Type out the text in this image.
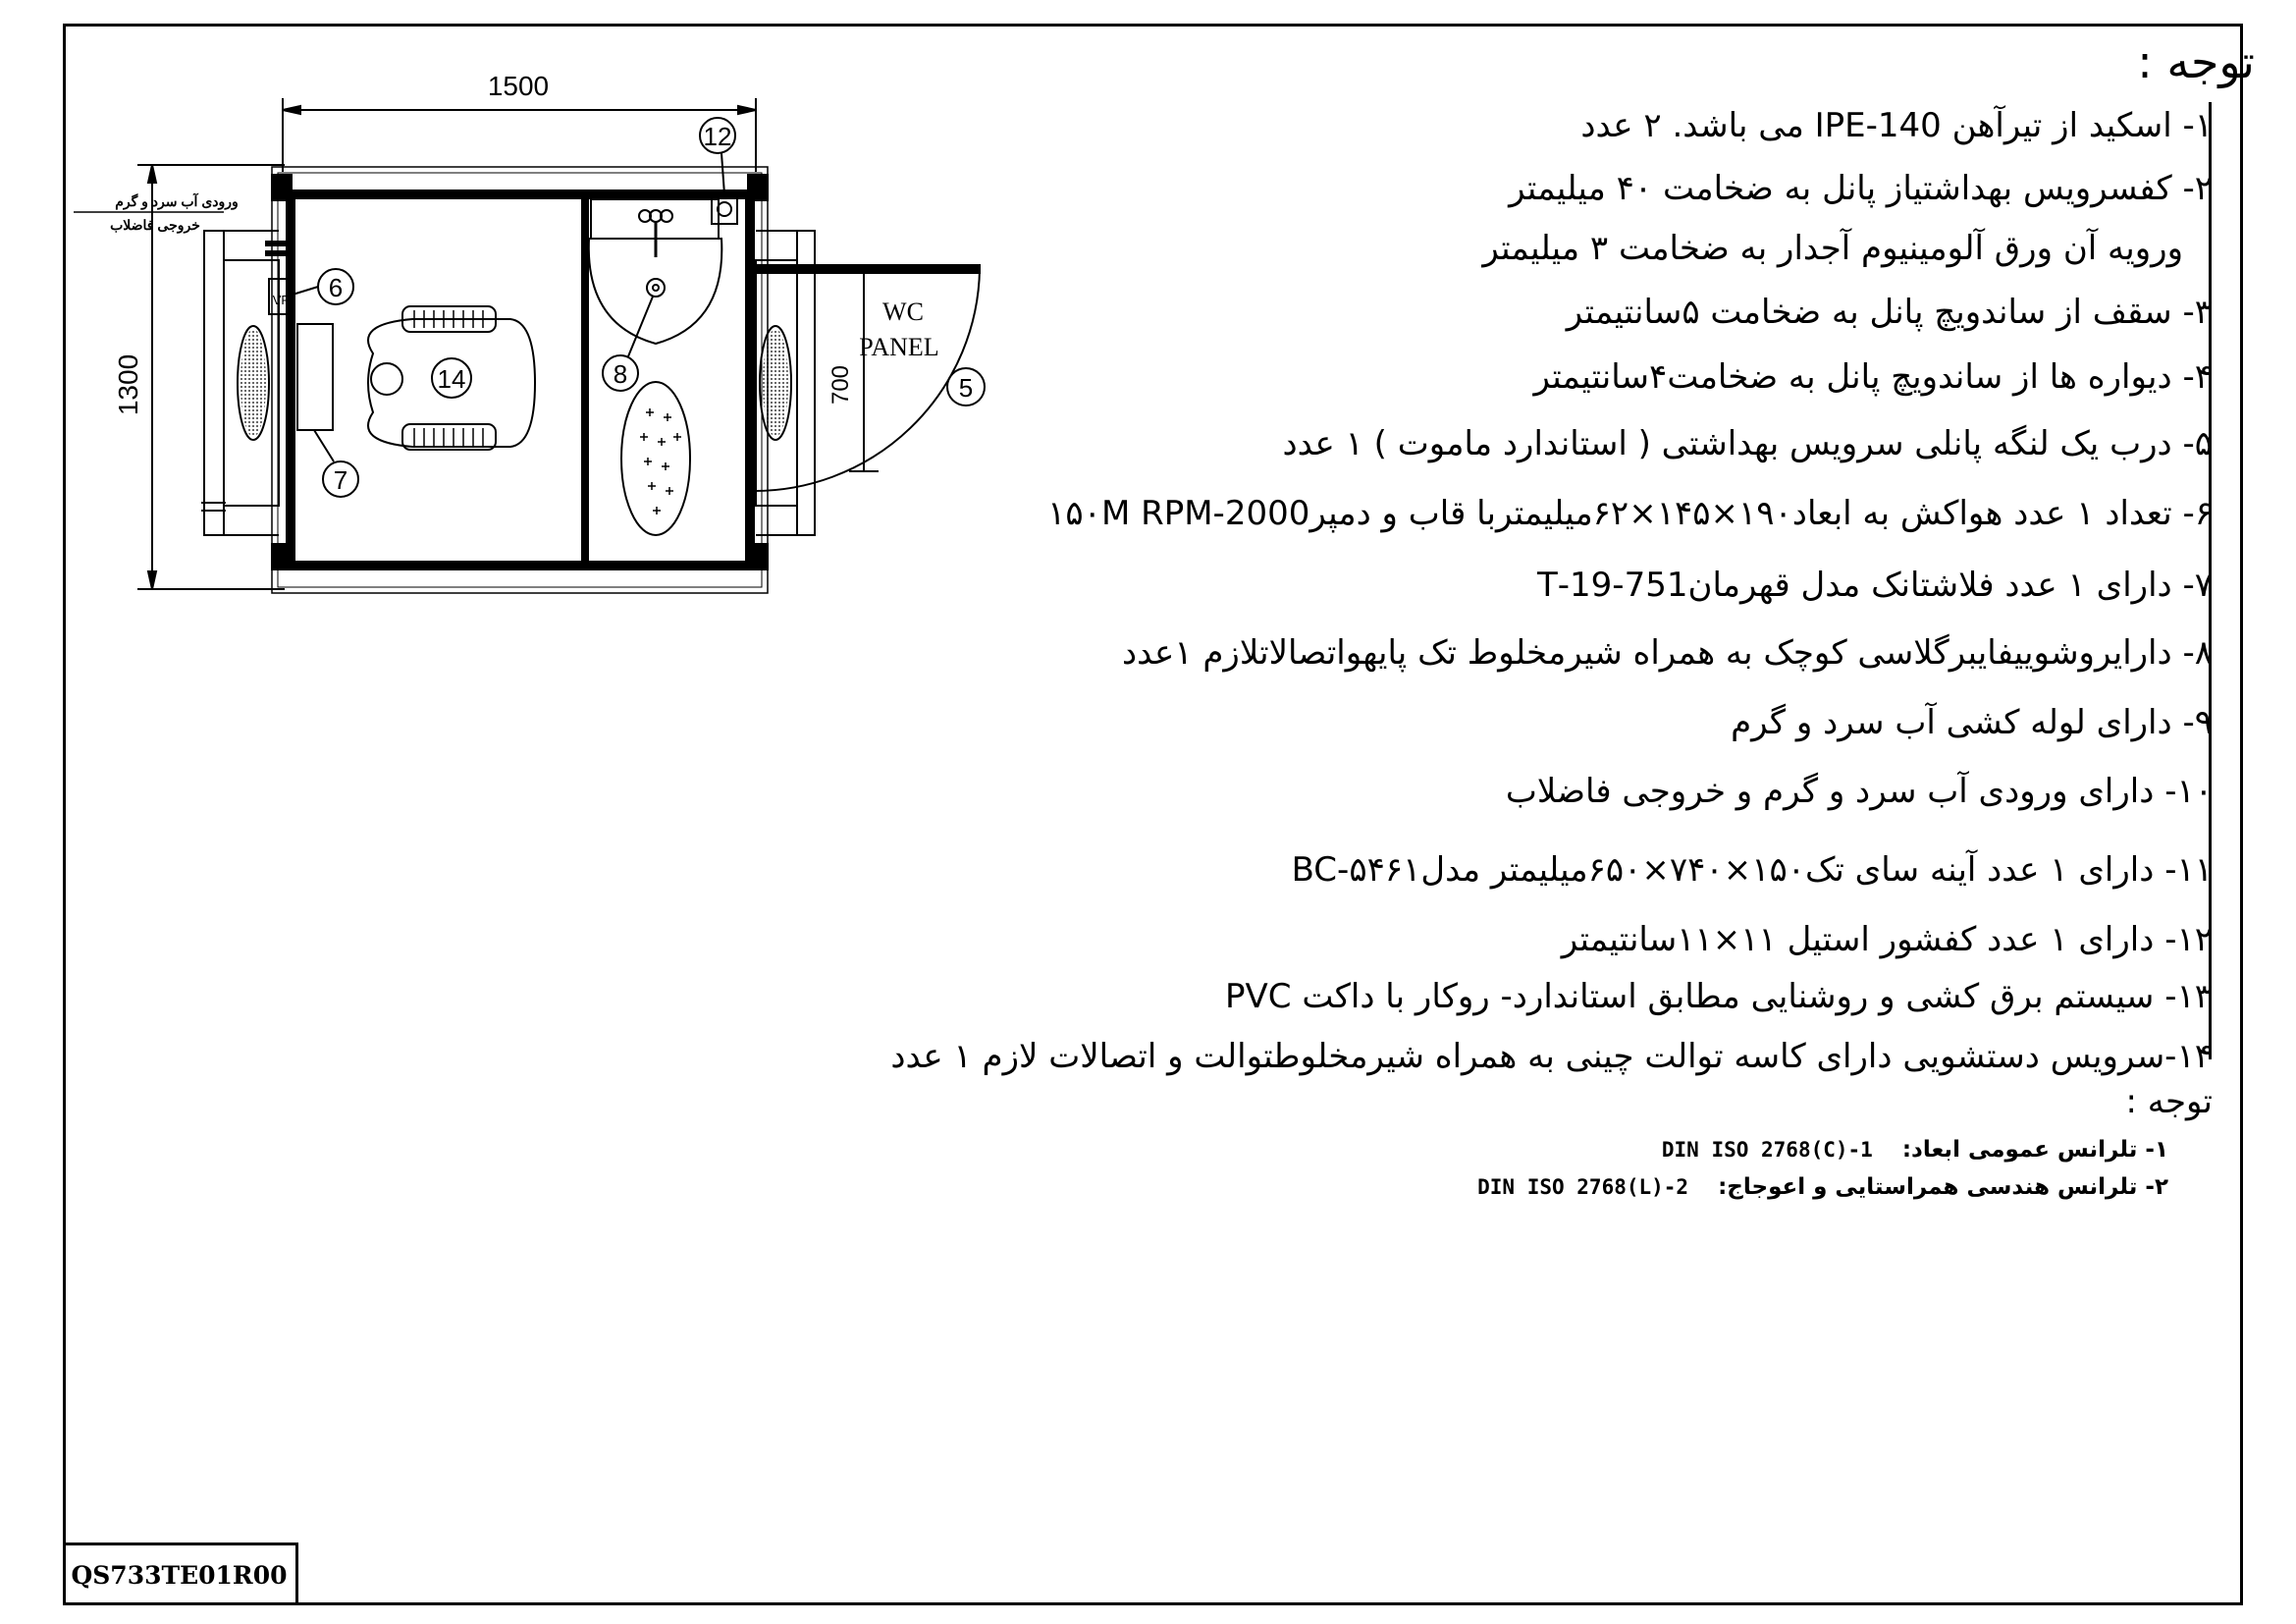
1500
1300	700
WC
PANEL
ورودی آب سرد و گرم
خروجی فاضلاب
VF
12
6
7
14	8	5
توجه :
۱- اسکید از تیرآهن IPE-140 می باشد. ۲ عدد
۲- کفسرویس بهداشتیاز پانل به ضخامت ۴۰ میلیمتر
ورویه آن ورق آلومینیوم آجدار به ضخامت ۳ میلیمتر
۳- سقف از ساندویچ پانل به ضخامت ۵سانتیمتر
۴- دیواره ها از ساندویچ پانل به ضخامت۴سانتیمتر
۵- درب یک لنگه پانلی سرویس بهداشتی ( استاندارد ماموت ) ۱ عدد
۶- تعداد ۱ عدد هواکش به ابعاد۱۹۰×۱۴۵×۶۲میلیمتربا قاب و دمپر۱۵۰M RPM-2000
۷- دارای ۱ عدد فلاشتانک مدل قهرمان751-19-T
۸- دارایروشوییفایبرگلاسی کوچک به همراه شیرمخلوط تک پایهواتصالاتلازم ۱عدد
۹- دارای لوله کشی آب سرد و گرم
۱۰- دارای ورودی آب سرد و گرم و خروجی فاضلاب
۱۱- دارای ۱ عدد آینه سای تک۱۵۰×۷۴۰×۶۵۰میلیمتر مدل۵۴۶۱-BC
۱۲- دارای ۱ عدد کفشور استیل ۱۱×۱۱سانتیمتر
۱۳- سیستم برق کشی و روشنایی مطابق استاندارد- روکار با داکت PVC
۱۴-سرویس دستشویی دارای کاسه توالت چینی به همراه شیرمخلوطتوالت و اتصالات لازم ۱ عدد
توجه :
۱- تلرانس عمومی ابعاد:DIN ISO 2768(C)-1
۲- تلرانس هندسی همراستایی و اعوجاج:DIN ISO 2768(L)-2
QS733TE01R00
